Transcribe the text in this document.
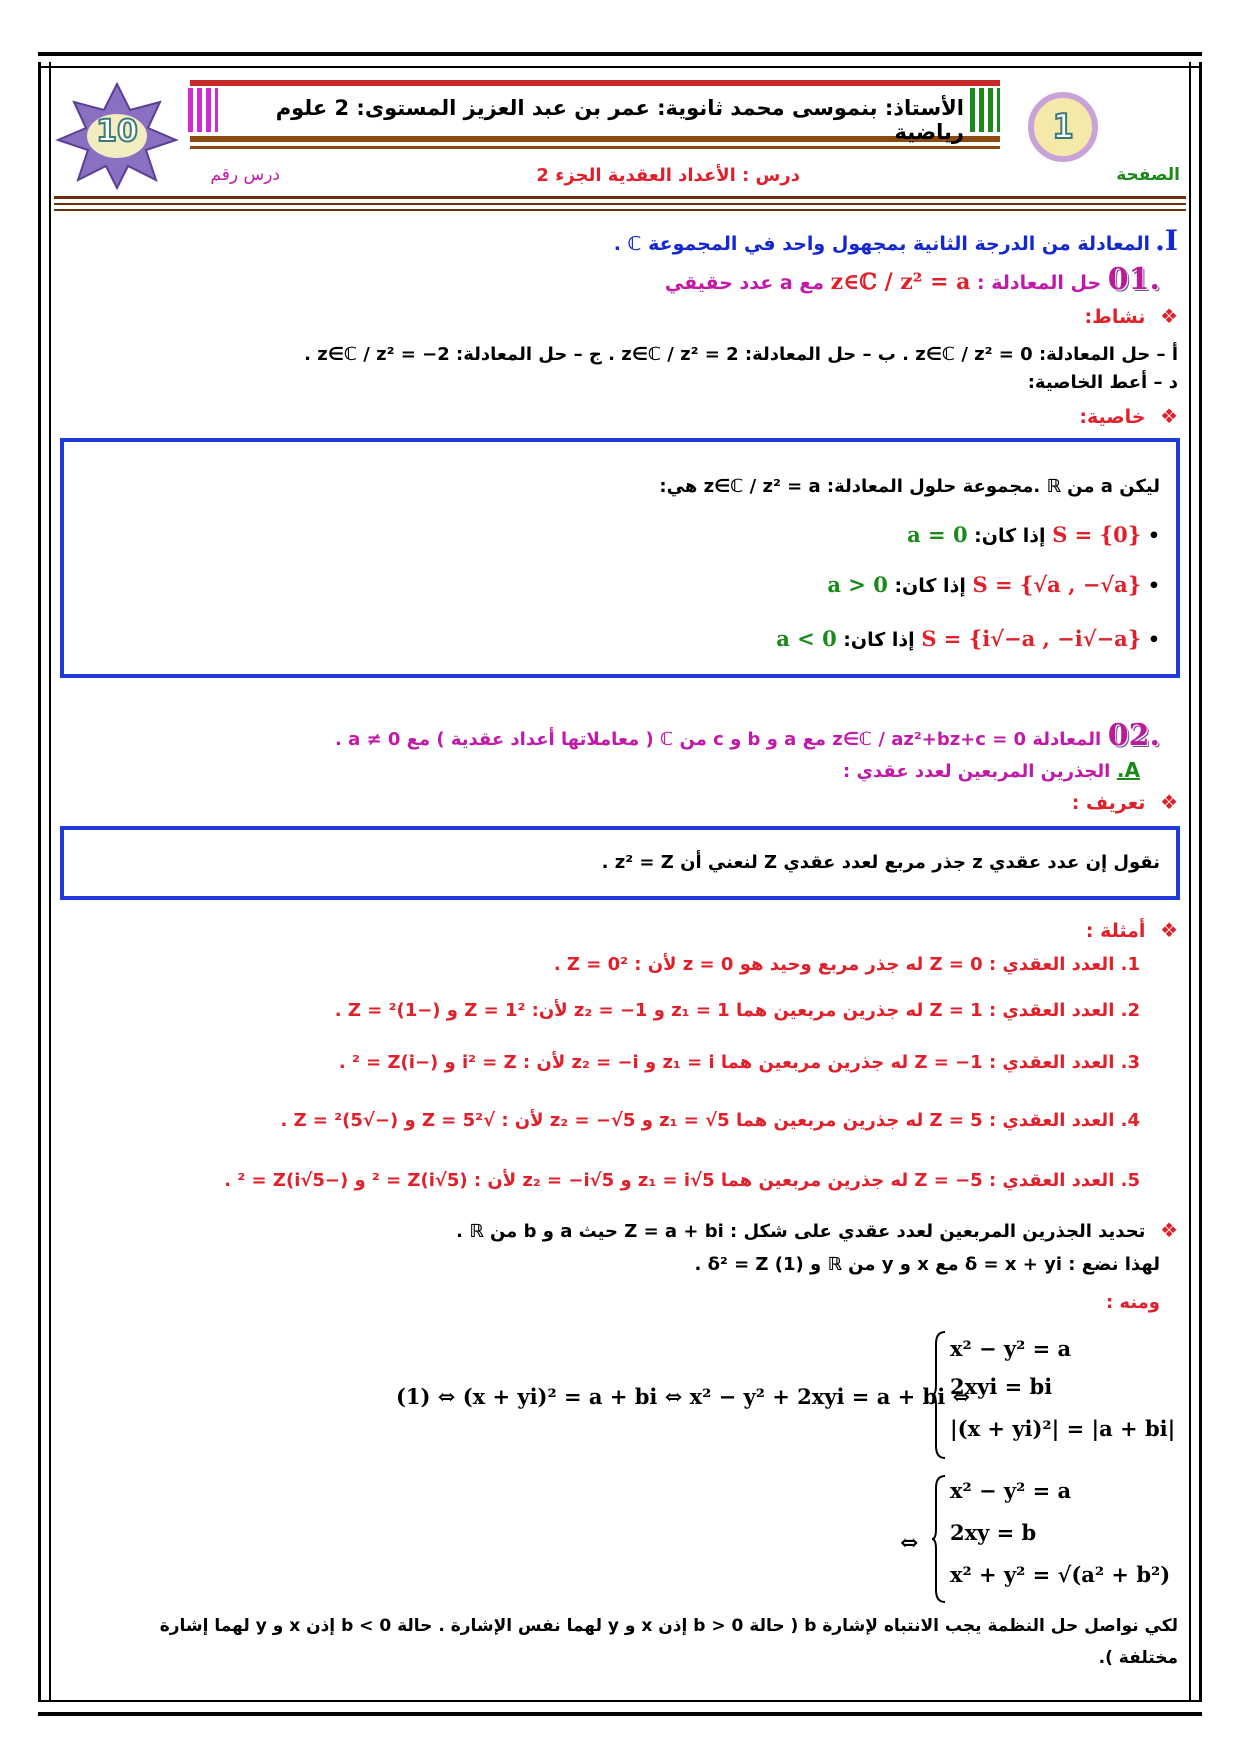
1
10
الأستاذ: بنموسى محمد ثانوية: عمر بن عبد العزيز المستوى: 2 علوم رياضية
درس : الأعداد العقدية الجزء 2	الصفحة
درس رقم
I. المعادلة من الدرجة الثانية بمجهول واحد في المجموعة ℂ .
.01 حل المعادلة : z∈ℂ / z² = a مع a عدد حقيقي
❖ نشاط:
أ – حل المعادلة: z∈ℂ / z² = 0 . ب – حل المعادلة: z∈ℂ / z² = 2 . ج – حل المعادلة: z∈ℂ / z² = −2 .
د – أعط الخاصية:
❖ خاصية:
ليكن a من ℝ .مجموعة حلول المعادلة: z∈ℂ / z² = a هي:
• S = {0} إذا كان: a = 0
• S = {√a , −√a} إذا كان: a > 0
• S = {i√−a , −i√−a} إذا كان: a < 0
.02 المعادلة z∈ℂ / az²+bz+c = 0 مع a و b و c من ℂ ( معاملاتها أعداد عقدية ) مع a ≠ 0 .
A. الجذرين المربعين لعدد عقدي :
❖ تعريف :
نقول إن عدد عقدي z جذر مربع لعدد عقدي Z لنعني أن z² = Z .
❖ أمثلة :
1. العدد العقدي : Z = 0 له جذر مربع وحيد هو z = 0 لأن : 0² = Z .
2. العدد العقدي : Z = 1 له جذرين مربعين هما z₁ = 1 و z₂ = −1 لأن: 1² = Z و (−1)² = Z .
3. العدد العقدي : Z = −1 له جذرين مربعين هما z₁ = i و z₂ = −i لأن : i² = Z و (−i)² = Z .
4. العدد العقدي : Z = 5 له جذرين مربعين هما z₁ = √5 و z₂ = −√5 لأن : √5² = Z و (−√5)² = Z .
5. العدد العقدي : Z = −5 له جذرين مربعين هما z₁ = i√5 و z₂ = −i√5 لأن : (i√5)² = Z و (−i√5)² = Z .
❖ تحديد الجذرين المربعين لعدد عقدي على شكل : Z = a + bi حيث a و b من ℝ .
لهذا نضع : δ = x + yi مع x و y من ℝ و δ² = Z (1) .
ومنه :
(1) ⇔ (x + yi)² = a + bi ⇔ x² − y² + 2xyi = a + bi ⇔
x² − y² = a
2xyi = bi
|(x + yi)²| = |a + bi|
⇔
x² − y² = a
2xy = b
x² + y² = √(a² + b²)
لكي نواصل حل النظمة يجب الانتباه لإشارة b ( حالة b > 0 إذن x و y لهما نفس الإشارة . حالة b < 0 إذن x و y لهما إشارة
مختلفة ).
